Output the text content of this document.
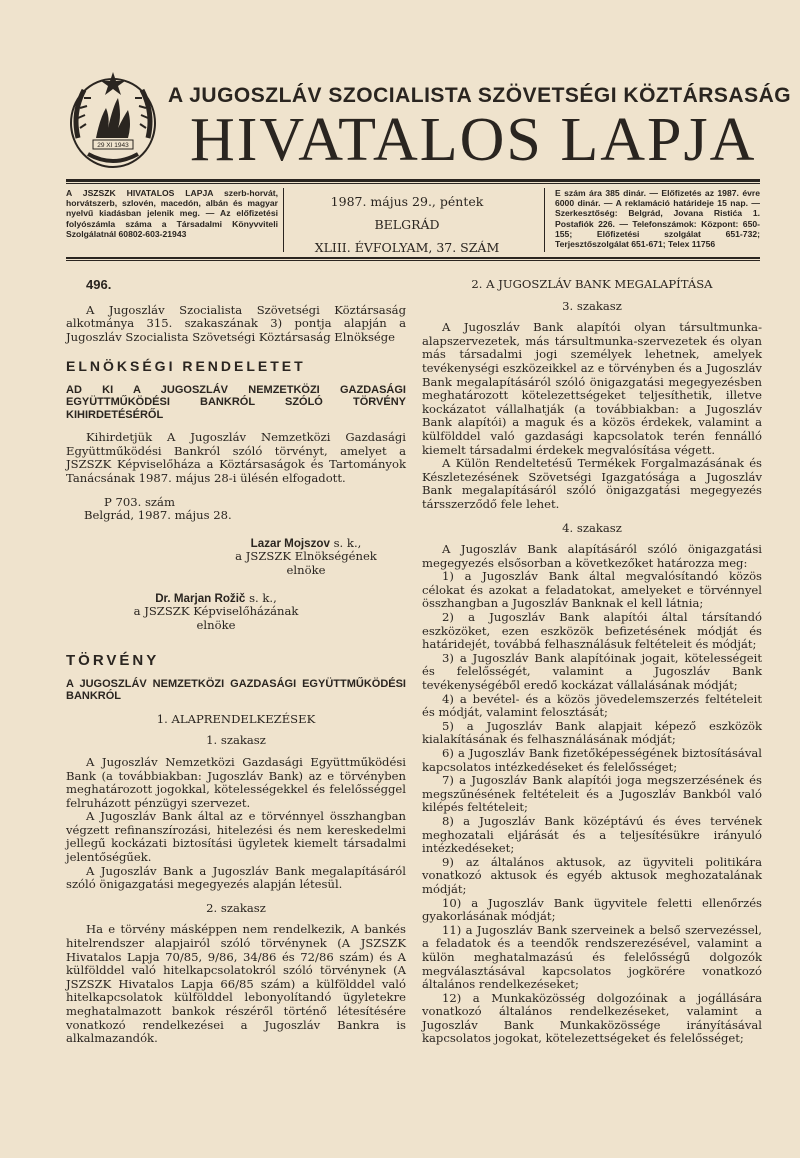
29 XI 1943
A JUGOSZLÁV SZOCIALISTA SZÖVETSÉGI KÖZTÁRSASÁG
HIVATALOS LAPJA
A JSZSZK HIVATALOS LAPJA szerb-horvát, horvátszerb, szlovén, macedón, albán és magyar nyelvű kiadásban jelenik meg. — Az előfizetési folyószámla száma a Társadalmi Könyvviteli Szolgálatnál 60802-603-21943
1987. május 29., péntek
BELGRÁD
XLIII. ÉVFOLYAM, 37. SZÁM
E szám ára 385 dinár. — Előfizetés az 1987. évre 6000 dinár. — A reklamáció határideje 15 nap. — Szerkesztőség: Belgrád, Jovana Ristića 1. Postafiók 226. — Telefonszámok: Központ: 650-155; Előfizetési szolgálat 651-732; Terjesztőszolgálat 651-671; Telex 11756

496.

A Jugoszláv Szocialista Szövetségi Köztársaság alkotmánya 315. szakaszának 3) pontja alapján a Jugoszláv Szocialista Szövetségi Köztársaság Elnöksége

ELNÖKSÉGI RENDELETET

AD KI A JUGOSZLÁV NEMZETKÖZI GAZDASÁGI EGYÜTTMŰKÖDÉSI BANKRÓL SZÓLÓ TÖRVÉNY KIHIRDETÉSÉRŐL

Kihirdetjük A Jugoszláv Nemzetközi Gazdasági Együttműködési Bankról szóló törvényt, amelyet a JSZSZK Képviselőháza a Köztársaságok és Tartományok Tanácsának 1987. május 28-i ülésén elfogadott.

P 703. szám

Belgrád, 1987. május 28.

Lazar Mojszov s. k.,
a JSZSZK Elnökségének
elnöke
Dr. Marjan Rožič s. k.,
a JSZSZK Képviselőházának
elnöke

TÖRVÉNY

A JUGOSZLÁV NEMZETKÖZI GAZDASÁGI EGYÜTTMŰKÖDÉSI BANKRÓL

1. ALAPRENDELKEZÉSEK

1. szakasz

A Jugoszláv Nemzetközi Gazdasági Együttműködési Bank (a továbbiakban: Jugoszláv Bank) az e törvényben meghatározott jogokkal, kötelességekkel és felelősséggel felruházott pénzügyi szervezet.

A Jugoszláv Bank által az e törvénnyel összhangban végzett refinanszírozási, hitelezési és nem kereskedelmi jellegű kockázati biztosítási ügyletek kiemelt társadalmi jelentőségűek.

A Jugoszláv Bank a Jugoszláv Bank megalapításáról szóló önigazgatási megegyezés alapján létesül.

2. szakasz

Ha e törvény másképpen nem rendelkezik, A bankés hitelrendszer alapjairól szóló törvénynek (A JSZSZK Hivatalos Lapja 70/85, 9/86, 34/86 és 72/86 szám) és A külfölddel való hitelkapcsolatokról szóló törvénynek (A JSZSZK Hivatalos Lapja 66/85 szám) a külfölddel való hitelkapcsolatok külfölddel lebonyolítandó ügyletekre meghatalmazott bankok részéről történő létesítésére vonatkozó rendelkezései a Jugoszláv Bankra is alkalmazandók.

2. A JUGOSZLÁV BANK MEGALAPÍTÁSA

3. szakasz

A Jugoszláv Bank alapítói olyan társultmunka-alapszervezetek, más társultmunka-szervezetek és olyan más társadalmi jogi személyek lehetnek, amelyek tevékenységi eszközeikkel az e törvényben és a Jugoszláv Bank megalapításáról szóló önigazgatási megegyezésben meghatározott kötelezettségeket teljesíthetik, illetve kockázatot vállalhatják (a továbbiakban: a Jugoszláv Bank alapítói) a maguk és a közös érdekek, valamint a külfölddel való gazdasági kapcsolatok terén fennálló kiemelt társadalmi érdekek megvalósítása végett.

A Külön Rendeltetésű Termékek Forgalmazásának és Készletezésének Szövetségi Igazgatósága a Jugoszláv Bank megalapításáról szóló önigazgatási megegyezés társszerződő fele lehet.

4. szakasz

A Jugoszláv Bank alapításáról szóló önigazgatási megegyezés elsősorban a következőket határozza meg:

1) a Jugoszláv Bank által megvalósítandó közös célokat és azokat a feladatokat, amelyeket e törvénnyel összhangban a Jugoszláv Banknak el kell látnia;

2) a Jugoszláv Bank alapítói által társítandó eszközöket, ezen eszközök befizetésének módját és határidejét, továbbá felhasználásuk feltételeit és módját;

3) a Jugoszláv Bank alapítóinak jogait, kötelességeit és felelősségét, valamint a Jugoszláv Bank tevékenységéből eredő kockázat vállalásának módját;

4) a bevétel- és a közös jövedelemszerzés feltételeit és módját, valamint felosztását;

5) a Jugoszláv Bank alapjait képező eszközök kialakításának és felhasználásának módját;

6) a Jugoszláv Bank fizetőképességének biztosításával kapcsolatos intézkedéseket és felelősséget;

7) a Jugoszláv Bank alapítói joga megszerzésének és megszűnésének feltételeit és a Jugoszláv Bankból való kilépés feltételeit;

8) a Jugoszláv Bank középtávú és éves tervének meghozatali eljárását és a teljesítésükre irányuló intézkedéseket;

9) az általános aktusok, az ügyviteli politikára vonatkozó aktusok és egyéb aktusok meghozatalának módját;

10) a Jugoszláv Bank ügyvitele feletti ellenőrzés gyakorlásának módját;

11) a Jugoszláv Bank szerveinek a belső szervezéssel, a feladatok és a teendők rendszerezésével, valamint a külön meghatalmazású és felelősségű dolgozók megválasztásával kapcsolatos jogkörére vonatkozó általános rendelkezéseket;

12) a Munkaközösség dolgozóinak a jogállására vonatkozó általános rendelkezéseket, valamint a Jugoszláv Bank Munkaközössége irányításával kapcsolatos jogokat, kötelezettségeket és felelősséget;
